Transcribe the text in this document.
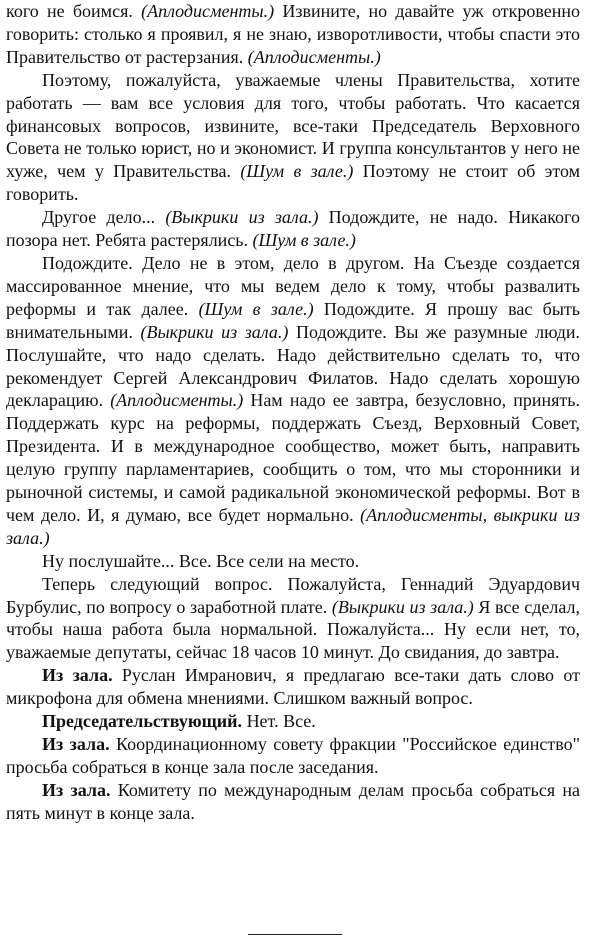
кого не боимся. (Аплодисменты.) Извините, но давайте уж откровенно говорить: столько я проявил, я не знаю, изворотливости, чтобы спасти это Правительство от растерзания. (Аплодисменты.)

Поэтому, пожалуйста, уважаемые члены Правительства, хотите работать — вам все условия для того, чтобы работать. Что касается финансовых вопросов, извините, все-таки Председатель Верховного Совета не только юрист, но и экономист. И группа консультантов у него не хуже, чем у Правительства. (Шум в зале.) Поэтому не стоит об этом говорить.

Другое дело... (Выкрики из зала.) Подождите, не надо. Никакого позора нет. Ребята растерялись. (Шум в зале.)

Подождите. Дело не в этом, дело в другом. На Съезде создается массированное мнение, что мы ведем дело к тому, чтобы развалить реформы и так далее. (Шум в зале.) Подождите. Я прошу вас быть внимательными. (Выкрики из зала.) Подождите. Вы же разумные люди. Послушайте, что надо сделать. Надо действительно сделать то, что рекомендует Сергей Александрович Филатов. Надо сделать хорошую декларацию. (Аплодисменты.) Нам надо ее завтра, безусловно, принять. Поддержать курс на реформы, поддержать Съезд, Верховный Совет, Президента. И в международное сообщество, может быть, направить целую группу парламентариев, сообщить о том, что мы сторонники и рыночной системы, и самой радикальной экономической реформы. Вот в чем дело. И, я думаю, все будет нормально. (Аплодисменты, выкрики из зала.)

Ну послушайте... Все. Все сели на место.

Теперь следующий вопрос. Пожалуйста, Геннадий Эдуардович Бурбулис, по вопросу о заработной плате. (Выкрики из зала.) Я все сделал, чтобы наша работа была нормальной. Пожалуйста... Ну если нет, то, уважаемые депутаты, сейчас 18 часов 10 минут. До свидания, до завтра.

Из зала. Руслан Имранович, я предлагаю все-таки дать слово от микрофона для обмена мнениями. Слишком важный вопрос.

Председательствующий. Нет. Все.

Из зала. Координационному совету фракции "Российское единство" просьба собраться в конце зала после заседания.

Из зала. Комитету по международным делам просьба собраться на пять минут в конце зала.
